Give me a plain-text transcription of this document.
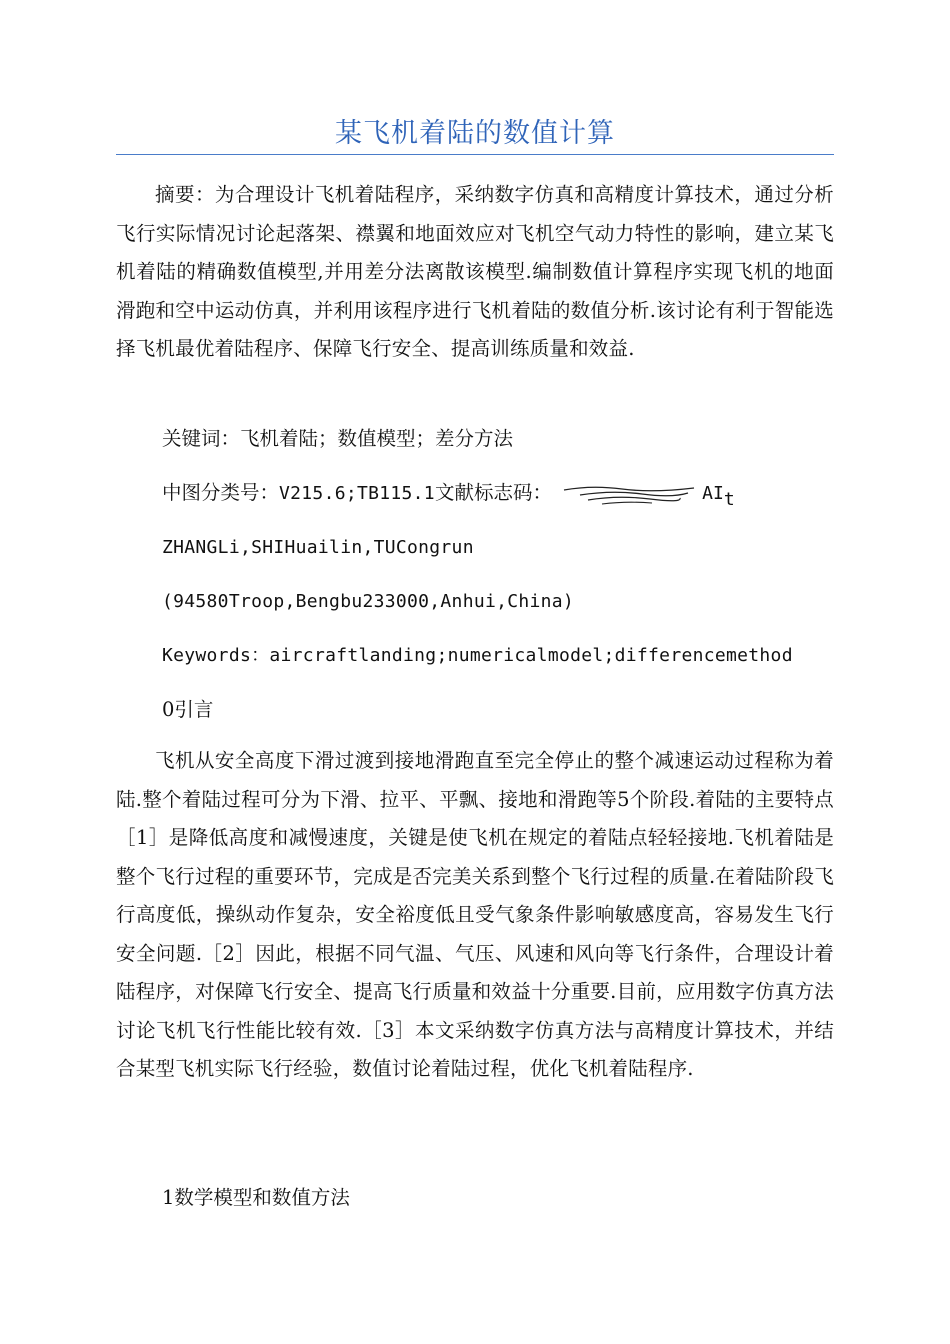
某飞机着陆的数值计算

摘要：为合理设计飞机着陆程序，采纳数字仿真和高精度计算技术，通过分析飞行实际情况讨论起落架、襟翼和地面效应对飞机空气动力特性的影响，建立某飞机着陆的精确数值模型,并用差分法离散该模型.编制数值计算程序实现飞机的地面滑跑和空中运动仿真，并利用该程序进行飞机着陆的数值分析.该讨论有利于智能选择飞机最优着陆程序、保障飞行安全、提高训练质量和效益.

关键词：飞机着陆；数值模型；差分方法
中图分类号：V215.6;TB115.1文献标志码：	AIt
ZHANGLi,SHIHuailin,TUCongrun
(94580Troop,Bengbu233000,Anhui,China)
Keywords：aircraftlanding;numericalmodel;differencemethod
0引言

飞机从安全高度下滑过渡到接地滑跑直至完全停止的整个减速运动过程称为着陆.整个着陆过程可分为下滑、拉平、平飘、接地和滑跑等5个阶段.着陆的主要特点［1］是降低高度和减慢速度，关键是使飞机在规定的着陆点轻轻接地.飞机着陆是整个飞行过程的重要环节，完成是否完美关系到整个飞行过程的质量.在着陆阶段飞行高度低，操纵动作复杂，安全裕度低且受气象条件影响敏感度高，容易发生飞行安全问题.［2］因此，根据不同气温、气压、风速和风向等飞行条件，合理设计着陆程序，对保障飞行安全、提高飞行质量和效益十分重要.目前，应用数字仿真方法讨论飞机飞行性能比较有效.［3］本文采纳数字仿真方法与高精度计算技术，并结合某型飞机实际飞行经验，数值讨论着陆过程，优化飞机着陆程序.

1数学模型和数值方法
